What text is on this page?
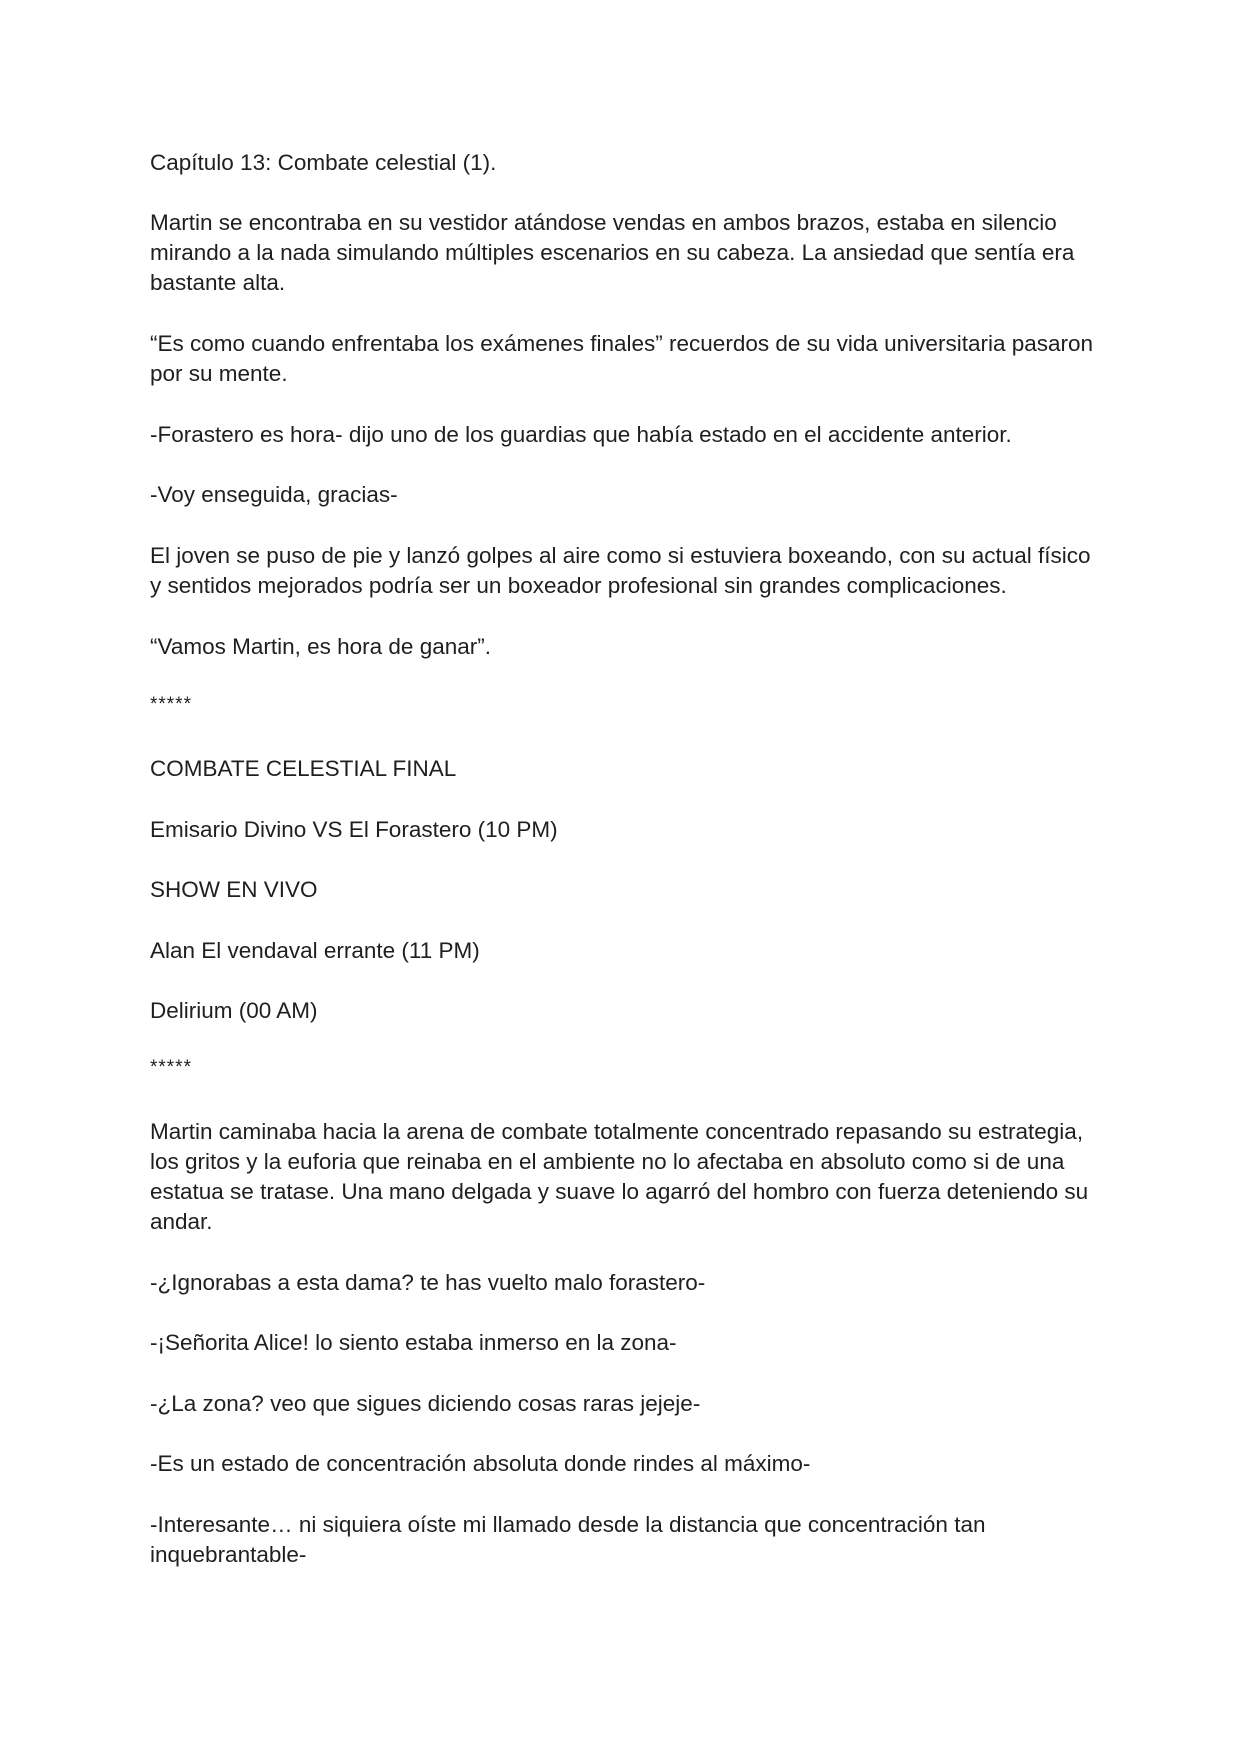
Capítulo 13: Combate celestial (1).
Martin se encontraba en su vestidor atándose vendas en ambos brazos, estaba en silencio mirando a la nada simulando múltiples escenarios en su cabeza. La ansiedad que sentía era bastante alta.
“Es como cuando enfrentaba los exámenes finales” recuerdos de su vida universitaria pasaron por su mente.
-Forastero es hora- dijo uno de los guardias que había estado en el accidente anterior.
-Voy enseguida, gracias-
El joven se puso de pie y lanzó golpes al aire como si estuviera boxeando, con su actual físico y sentidos mejorados podría ser un boxeador profesional sin grandes complicaciones.
“Vamos Martin, es hora de ganar”.
*****
COMBATE CELESTIAL FINAL
Emisario Divino VS El Forastero (10 PM)
SHOW EN VIVO
Alan El vendaval errante (11 PM)
Delirium (00 AM)
*****
Martin caminaba hacia la arena de combate totalmente concentrado repasando su estrategia, los gritos y la euforia que reinaba en el ambiente no lo afectaba en absoluto como si de una estatua se tratase. Una mano delgada y suave lo agarró del hombro con fuerza deteniendo su andar.
-¿Ignorabas a esta dama? te has vuelto malo forastero-
-¡Señorita Alice! lo siento estaba inmerso en la zona-
-¿La zona? veo que sigues diciendo cosas raras jejeje-
-Es un estado de concentración absoluta donde rindes al máximo-
-Interesante… ni siquiera oíste mi llamado desde la distancia que concentración tan inquebrantable-
